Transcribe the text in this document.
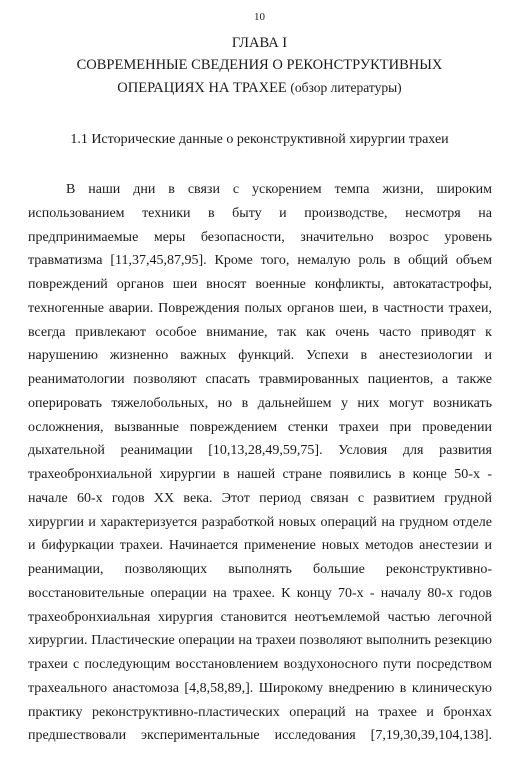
10
ГЛАВА I
СОВРЕМЕННЫЕ СВЕДЕНИЯ О РЕКОНСТРУКТИВНЫХ
ОПЕРАЦИЯХ НА ТРАХЕЕ (обзор литературы)
1.1 Исторические данные о реконструктивной хирургии трахеи
В наши дни в связи с ускорением темпа жизни, широким
использованием техники в быту и производстве, несмотря на
предпринимаемые меры безопасности, значительно возрос уровень
травматизма [11,37,45,87,95]. Кроме того, немалую роль в общий объем
повреждений органов шеи вносят военные конфликты, автокатастрофы,
техногенные аварии. Повреждения полых органов шеи, в частности трахеи,
всегда привлекают особое внимание, так как очень часто приводят к
нарушению жизненно важных функций. Успехи в анестезиологии и
реаниматологии позволяют спасать травмированных пациентов, а также
оперировать тяжелобольных, но в дальнейшем у них могут возникать
осложнения, вызванные повреждением стенки трахеи при проведении
дыхательной реанимации [10,13,28,49,59,75]. Условия для развития
трахеобронхиальной хирургии в нашей стране появились в конце 50-х -
начале 60-х годов XX века. Этот период связан с развитием грудной
хирургии и характеризуется разработкой новых операций на грудном отделе
и бифуркации трахеи. Начинается применение новых методов анестезии и
реанимации, позволяющих выполнять большие реконструктивно-
восстановительные операции на трахее. К концу 70-х - началу 80-х годов
трахеобронхиальная хирургия становится неотъемлемой частью легочной
хирургии. Пластические операции на трахеи позволяют выполнить резекцию
трахеи с последующим восстановлением воздухоносного пути посредством
трахеального анастомоза [4,8,58,89,]. Широкому внедрению в клиническую
практику реконструктивно-пластических операций на трахее и бронхах
предшествовали экспериментальные исследования [7,19,30,39,104,138].
